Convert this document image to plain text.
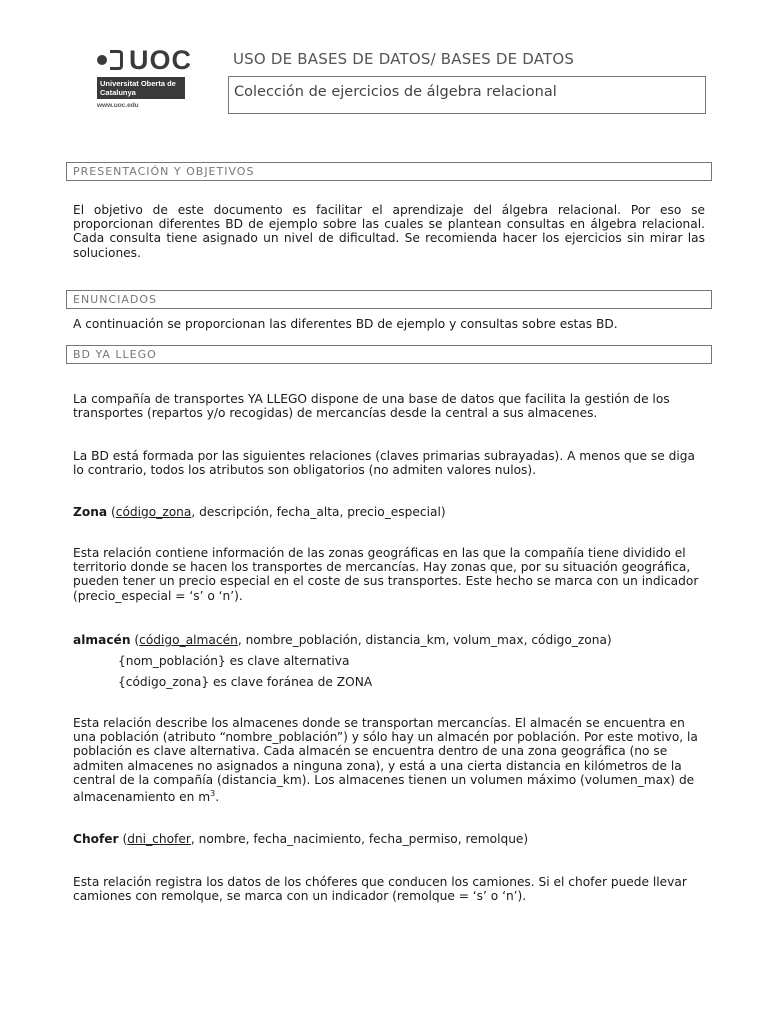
UOC
Universitat Oberta de Catalunya
www.uoc.edu
USO DE BASES DE DATOS/ BASES DE DATOS
Colección de ejercicios de álgebra relacional
PRESENTACIÓN Y OBJETIVOS
El objetivo de este documento es facilitar el aprendizaje del álgebra relacional. Por eso se proporcionan diferentes BD de ejemplo sobre las cuales se plantean consultas en álgebra relacional. Cada consulta tiene asignado un nivel de dificultad. Se recomienda hacer los ejercicios sin mirar las soluciones.
ENUNCIADOS
A continuación se proporcionan las diferentes BD de ejemplo y consultas sobre estas BD.
BD YA LLEGO
La compañía de transportes YA LLEGO dispone de una base de datos que facilita la gestión de los transportes (repartos y/o recogidas) de mercancías desde la central a sus almacenes.
La BD está formada por las siguientes relaciones (claves primarias subrayadas). A menos que se diga lo contrario, todos los atributos son obligatorios (no admiten valores nulos).
Zona (código_zona, descripción, fecha_alta, precio_especial)
Esta relación contiene información de las zonas geográficas en las que la compañía tiene dividido el territorio donde se hacen los transportes de mercancías. Hay zonas que, por su situación geográfica, pueden tener un precio especial en el coste de sus transportes. Este hecho se marca con un indicador (precio_especial = ‘s’ o ‘n’).
almacén (código_almacén, nombre_población, distancia_km, volum_max, código_zona)
{nom_población} es clave alternativa
{código_zona} es clave foránea de ZONA
Esta relación describe los almacenes donde se transportan mercancías. El almacén se encuentra en una población (atributo “nombre_población”) y sólo hay un almacén por población. Por este motivo, la población es clave alternativa. Cada almacén se encuentra dentro de una zona geográfica (no se admiten almacenes no asignados a ninguna zona), y está a una cierta distancia en kilómetros de la central de la compañía (distancia_km). Los almacenes tienen un volumen máximo (volumen_max) de almacenamiento en $m^3$.
Chofer (dni_chofer, nombre, fecha_nacimiento, fecha_permiso, remolque)
Esta relación registra los datos de los chóferes que conducen los camiones. Si el chofer puede llevar camiones con remolque, se marca con un indicador (remolque = ‘s’ o ‘n’).
